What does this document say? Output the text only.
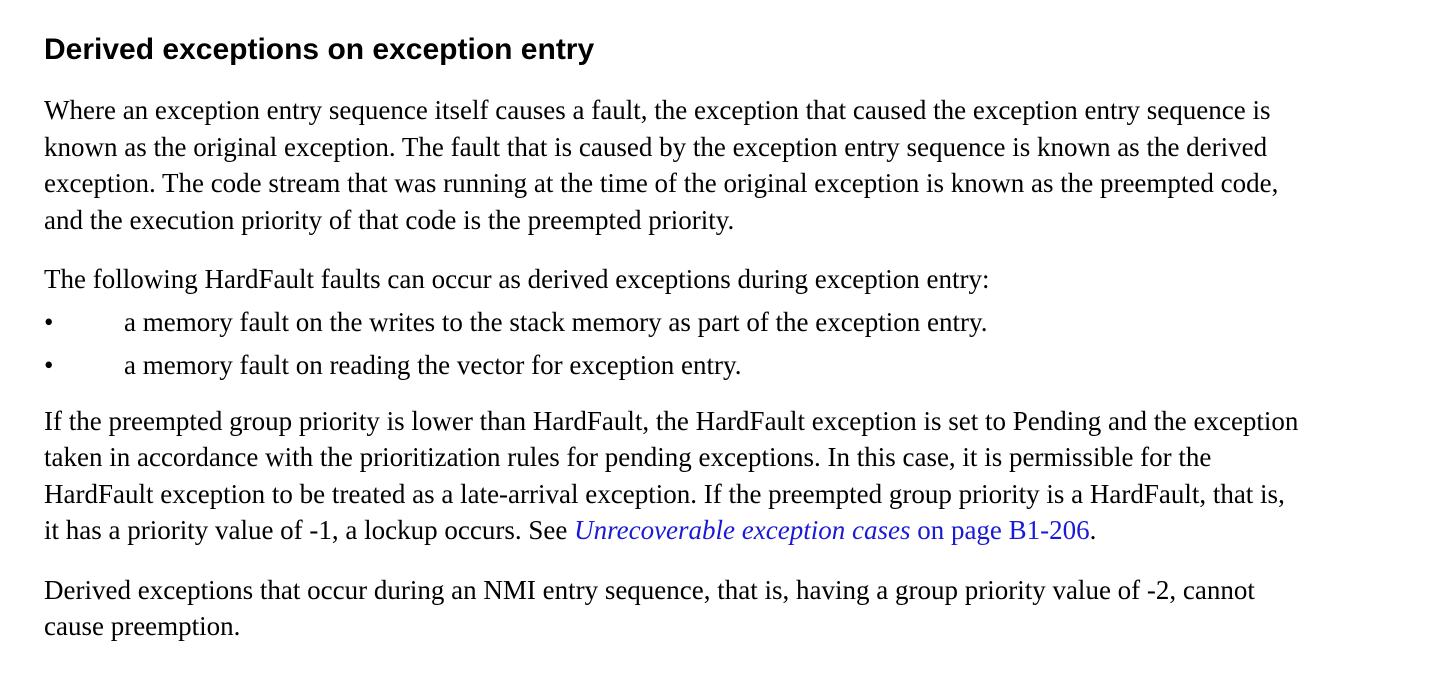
Derived exceptions on exception entry

Where an exception entry sequence itself causes a fault, the exception that caused the exception entry sequence is
known as the original exception. The fault that is caused by the exception entry sequence is known as the derived
exception. The code stream that was running at the time of the original exception is known as the preempted code,
and the execution priority of that code is the preempted priority.

The following HardFault faults can occur as derived exceptions during exception entry:

•	a memory fault on the writes to the stack memory as part of the exception entry.
•	a memory fault on reading the vector for exception entry.

If the preempted group priority is lower than HardFault, the HardFault exception is set to Pending and the exception
taken in accordance with the prioritization rules for pending exceptions. In this case, it is permissible for the
HardFault exception to be treated as a late-arrival exception. If the preempted group priority is a HardFault, that is,
it has a priority value of -1, a lockup occurs. See Unrecoverable exception cases on page B1-206.

Derived exceptions that occur during an NMI entry sequence, that is, having a group priority value of -2, cannot
cause preemption.
